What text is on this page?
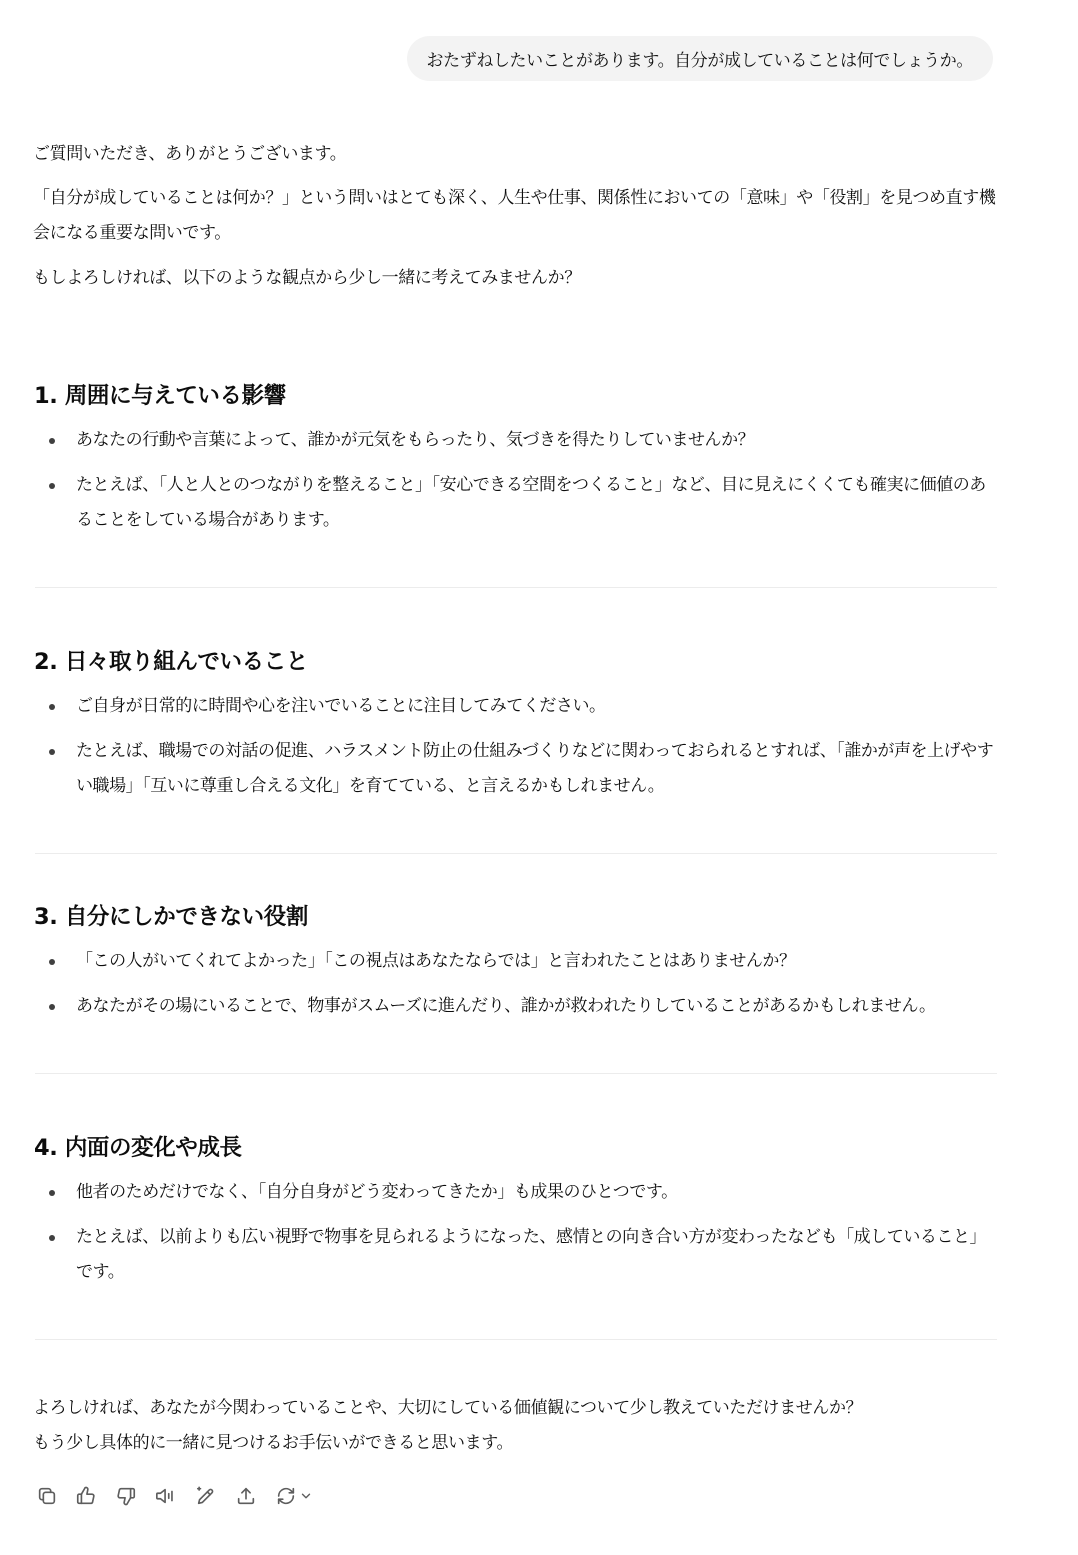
おたずねしたいことがあります。自分が成していることは何でしょうか。
ご質問いただき、ありがとうございます。
「自分が成していることは何か？」という問いはとても深く、人生や仕事、関係性においての「意味」や「役割」を見つめ直す機会になる重要な問いです。
もしよろしければ、以下のような観点から少し一緒に考えてみませんか？
1. 周囲に与えている影響
あなたの行動や言葉によって、誰かが元気をもらったり、気づきを得たりしていませんか？
たとえば、「人と人とのつながりを整えること」「安心できる空間をつくること」など、目に見えにくくても確実に価値のあることをしている場合があります。
2. 日々取り組んでいること
ご自身が日常的に時間や心を注いでいることに注目してみてください。
たとえば、職場での対話の促進、ハラスメント防止の仕組みづくりなどに関わっておられるとすれば、「誰かが声を上げやすい職場」「互いに尊重し合える文化」を育てている、と言えるかもしれません。
3. 自分にしかできない役割
「この人がいてくれてよかった」「この視点はあなたならでは」と言われたことはありませんか？
あなたがその場にいることで、物事がスムーズに進んだり、誰かが救われたりしていることがあるかもしれません。
4. 内面の変化や成長
他者のためだけでなく、「自分自身がどう変わってきたか」も成果のひとつです。
たとえば、以前よりも広い視野で物事を見られるようになった、感情との向き合い方が変わったなども「成していること」です。
よろしければ、あなたが今関わっていることや、大切にしている価値観について少し教えていただけませんか？
もう少し具体的に一緒に見つけるお手伝いができると思います。
